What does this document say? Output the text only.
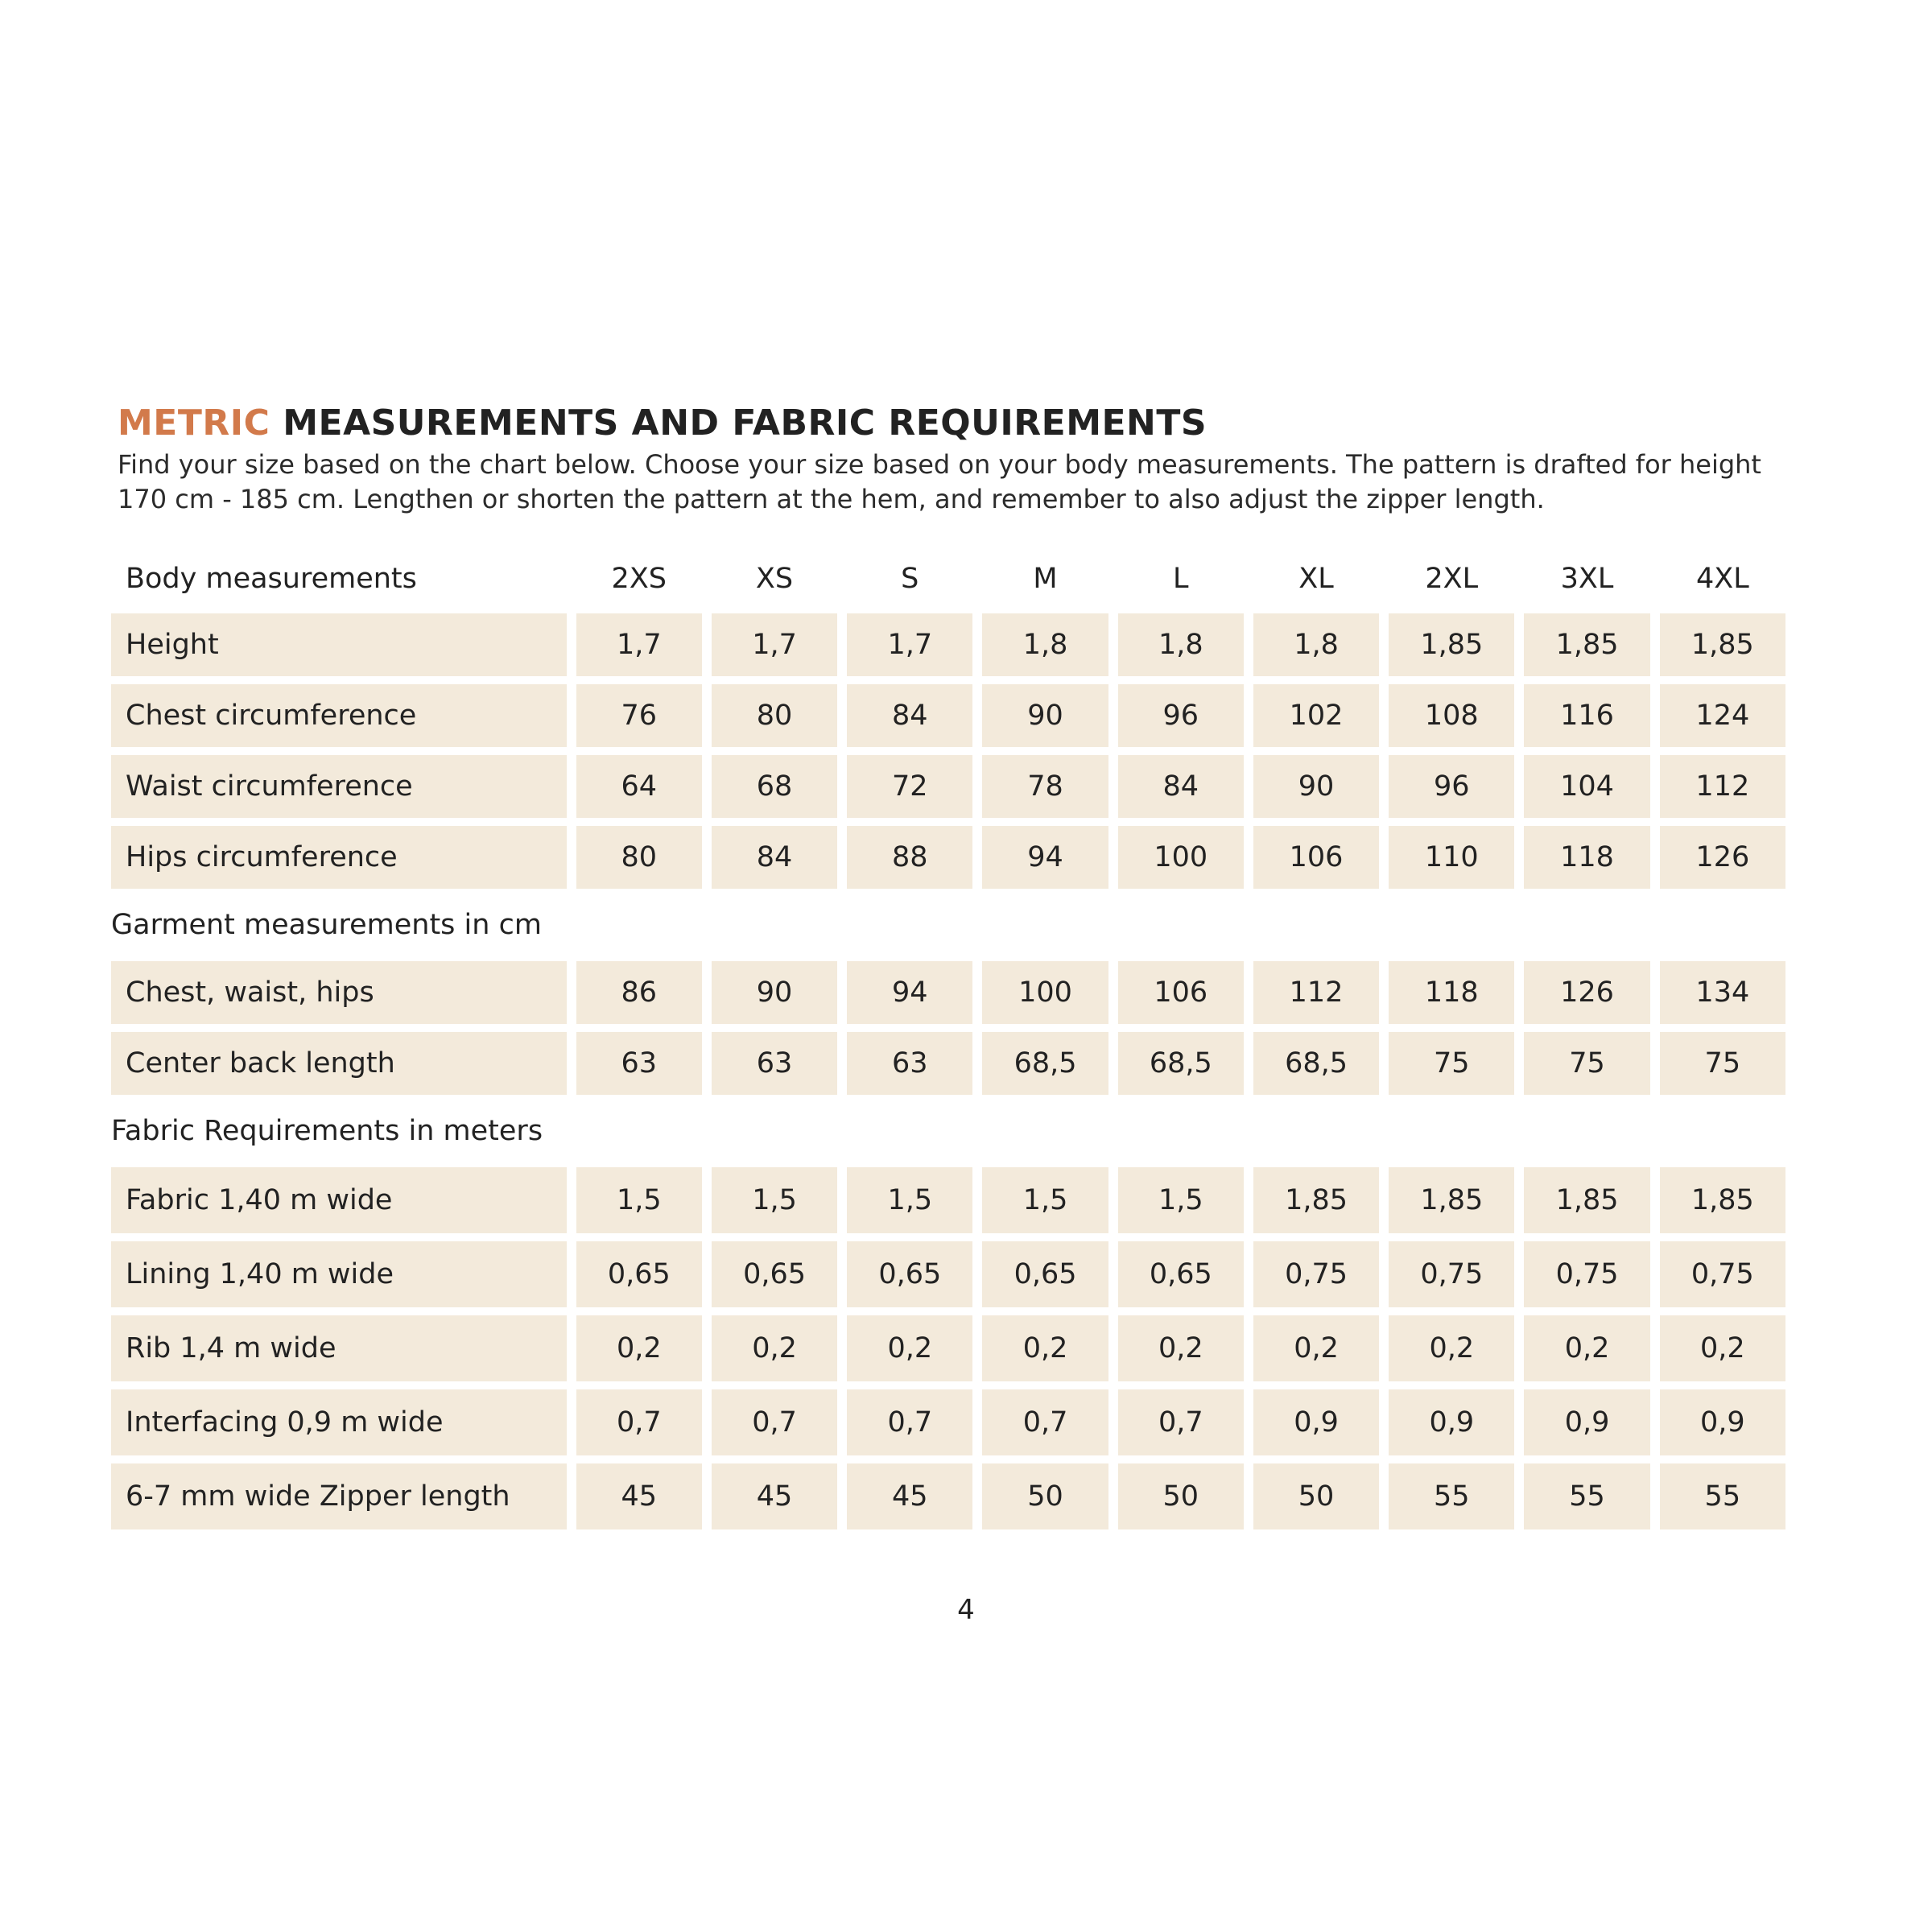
METRIC MEASUREMENTS AND FABRIC REQUIREMENTS

Find your size based on the chart below. Choose your size based on your body measurements. The pattern is drafted for height
170 cm - 185 cm. Lengthen or shorten the pattern at the hem, and remember to also adjust the zipper length.

Body measurements	2XS	XS	S	M	L	XL	2XL	3XL	4XL
Height	1,7	1,7	1,7	1,8	1,8	1,8	1,85	1,85	1,85
Chest circumference	76	80	84	90	96	102	108	116	124
Waist circumference	64	68	72	78	84	90	96	104	112
Hips circumference	80	84	88	94	100	106	110	118	126
Garment measurements in cm									
Chest, waist, hips	86	90	94	100	106	112	118	126	134
Center back length	63	63	63	68,5	68,5	68,5	75	75	75
Fabric Requirements in meters									
Fabric 1,40 m wide	1,5	1,5	1,5	1,5	1,5	1,85	1,85	1,85	1,85
Lining 1,40 m wide	0,65	0,65	0,65	0,65	0,65	0,75	0,75	0,75	0,75
Rib 1,4 m wide	0,2	0,2	0,2	0,2	0,2	0,2	0,2	0,2	0,2
Interfacing 0,9 m wide	0,7	0,7	0,7	0,7	0,7	0,9	0,9	0,9	0,9
6-7 mm wide Zipper length	45	45	45	50	50	50	55	55	55
4
